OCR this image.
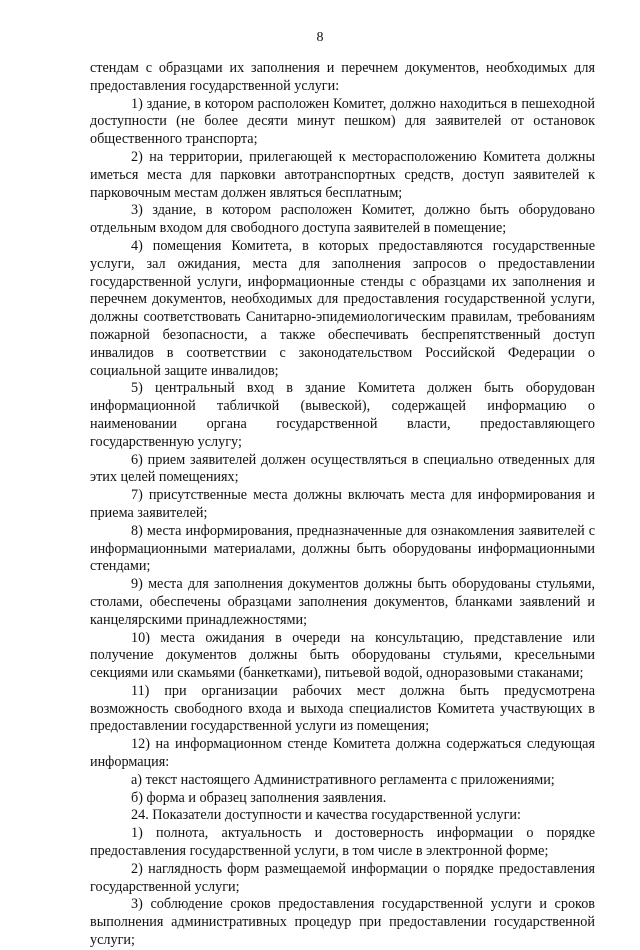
8

стендам с образцами их заполнения и перечнем документов, необходимых для предоставления государственной услуги:

1) здание, в котором расположен Комитет, должно находиться в пешеходной доступности (не более десяти минут пешком) для заявителей от остановок общественного транспорта;

2) на территории, прилегающей к месторасположению Комитета должны иметься места для парковки автотранспортных средств, доступ заявителей к парковочным местам должен являться бесплатным;

3) здание, в котором расположен Комитет, должно быть оборудовано отдельным входом для свободного доступа заявителей в помещение;

4) помещения Комитета, в которых предоставляются государственные услуги, зал ожидания, места для заполнения запросов о предоставлении государственной услуги, информационные стенды с образцами их заполнения и перечнем документов, необходимых для предоставления государственной услуги, должны соответствовать Санитарно-эпидемиологическим правилам, требованиям пожарной безопасности, а также обеспечивать беспрепятственный доступ инвалидов в соответствии с законодательством Российской Федерации о социальной защите инвалидов;

5) центральный вход в здание Комитета должен быть оборудован информационной табличкой (вывеской), содержащей информацию о наименовании органа государственной власти, предоставляющего государственную услугу;

6) прием заявителей должен осуществляться в специально отведенных для этих целей помещениях;

7) присутственные места должны включать места для информирования и приема заявителей;

8) места информирования, предназначенные для ознакомления заявителей с информационными материалами, должны быть оборудованы информационными стендами;

9) места для заполнения документов должны быть оборудованы стульями, столами, обеспечены образцами заполнения документов, бланками заявлений и канцелярскими принадлежностями;

10) места ожидания в очереди на консультацию, представление или получение документов должны быть оборудованы стульями, кресельными секциями или скамьями (банкетками), питьевой водой, одноразовыми стаканами;

11) при организации рабочих мест должна быть предусмотрена возможность свободного входа и выхода специалистов Комитета участвующих в предоставлении государственной услуги из помещения;

12) на информационном стенде Комитета должна содержаться следующая информация:

а) текст настоящего Административного регламента с приложениями;

б) форма и образец заполнения заявления.

24. Показатели доступности и качества государственной услуги:

1) полнота, актуальность и достоверность информации о порядке предоставления государственной услуги, в том числе в электронной форме;

2) наглядность форм размещаемой информации о порядке предоставления государственной услуги;

3) соблюдение сроков предоставления государственной услуги и сроков выполнения административных процедур при предоставлении государственной услуги;
